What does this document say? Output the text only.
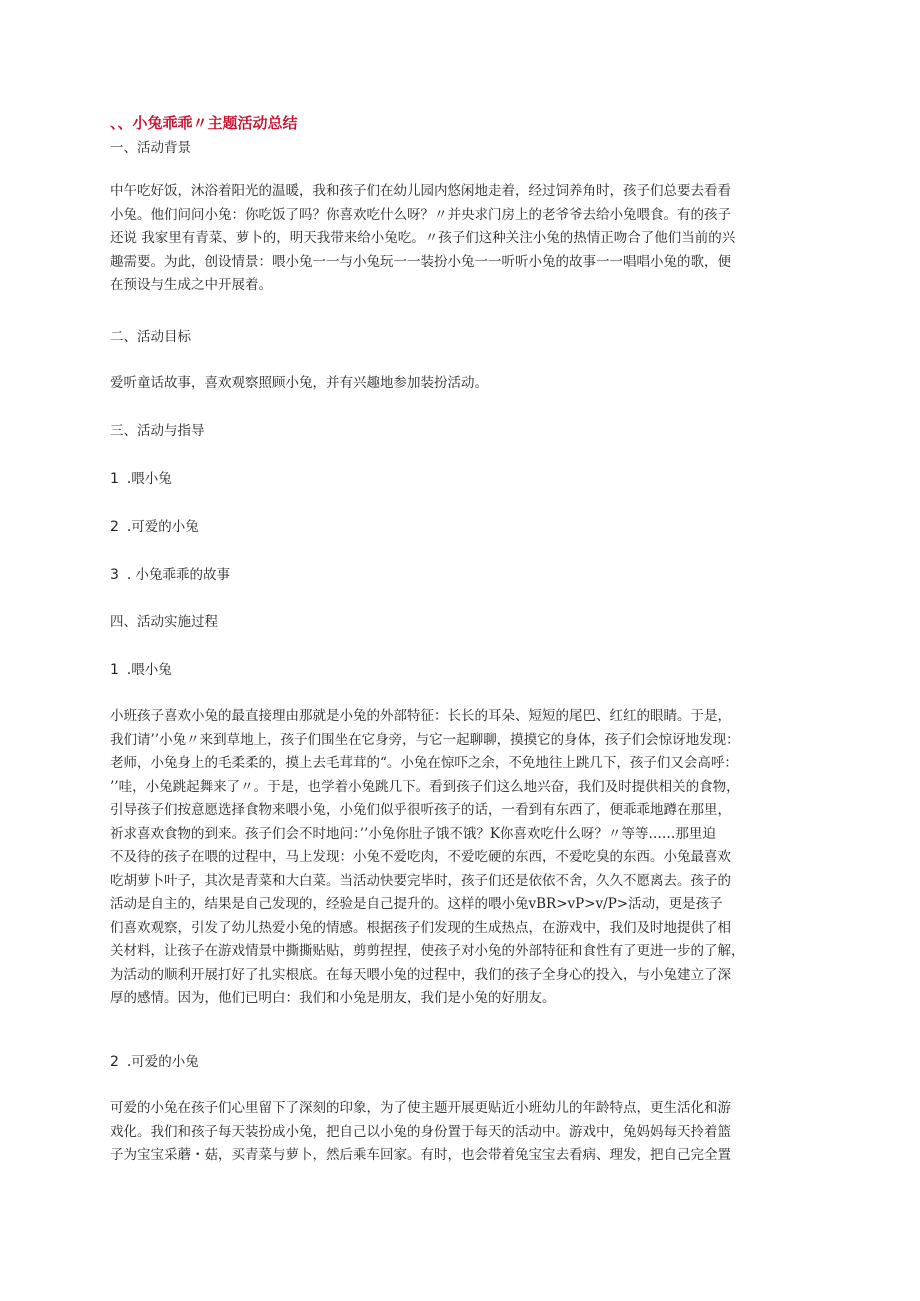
、、小兔乖乖〃主题活动总结
一、活动背景
中午吃好饭，沐浴着阳光的温暖，我和孩子们在幼儿园内悠闲地走着，经过饲养角时，孩子们总要去看看
小兔。他们问问小兔：你吃饭了吗？你喜欢吃什么呀？〃并央求门房上的老爷爷去给小兔喂食。有的孩子
还说 我家里有青菜、萝卜的，明天我带来给小兔吃。〃孩子们这种关注小兔的热情正吻合了他们当前的兴
趣需要。为此，创设情景：喂小兔一一与小兔玩一一装扮小兔一一听听小兔的故事一一唱唱小兔的歌，便
在预设与生成之中开展着。
二、活动目标
爱听童话故事，喜欢观察照顾小兔，并有兴趣地参加装扮活动。
三、活动与指导
1 .喂小兔
2 .可爱的小兔
3 . 小兔乖乖的故事
四、活动实施过程
1 .喂小兔
小班孩子喜欢小兔的最直接理由那就是小兔的外部特征：长长的耳朵、短短的尾巴、红红的眼睛。于是，
我们请’’小兔〃来到草地上，孩子们围坐在它身旁，与它一起聊聊，摸摸它的身体，孩子们会惊讶地发现：
老师，小兔身上的毛柔柔的，摸上去毛茸茸的“。小兔在惊吓之余，不免地往上跳几下，孩子们又会高呼：
’’哇，小兔跳起舞来了〃。于是，也学着小兔跳几下。看到孩子们这么地兴奋，我们及时提供相关的食物，
引导孩子们按意愿选择食物来喂小兔，小兔们似乎很听孩子的话，一看到有东西了，便乖乖地蹲在那里，
祈求喜欢食物的到来。孩子们会不时地问：’’小兔你肚子饿不饿？K你喜欢吃什么呀？〃等等……那里迫
不及待的孩子在喂的过程中，马上发现：小兔不爱吃肉，不爱吃硬的东西，不爱吃臭的东西。小兔最喜欢
吃胡萝卜叶子，其次是青菜和大白菜。当活动快要完毕时，孩子们还是依依不舍，久久不愿离去。孩子的
活动是自主的，结果是自己发现的，经验是自己提升的。这样的喂小兔vBR>vP>v/P>活动，更是孩子
们喜欢观察，引发了幼儿热爱小兔的情感。根据孩子们发现的生成热点，在游戏中，我们及时地提供了相
关材料，让孩子在游戏情景中撕撕贴贴，剪剪捏捏，使孩子对小兔的外部特征和食性有了更进一步的了解，
为活动的顺利开展打好了扎实根底。在每天喂小兔的过程中，我们的孩子全身心的投入，与小兔建立了深
厚的感情。因为，他们已明白：我们和小兔是朋友，我们是小兔的好朋友。
2 .可爱的小兔
可爱的小兔在孩子们心里留下了深刻的印象，为了使主题开展更贴近小班幼儿的年龄特点，更生活化和游
戏化。我们和孩子每天装扮成小兔，把自己以小兔的身份置于每天的活动中。游戏中，兔妈妈每天拎着篮
子为宝宝采蘑・菇，买青菜与萝卜，然后乘车回家。有时，也会带着兔宝宝去看病、理发，把自己完全置
